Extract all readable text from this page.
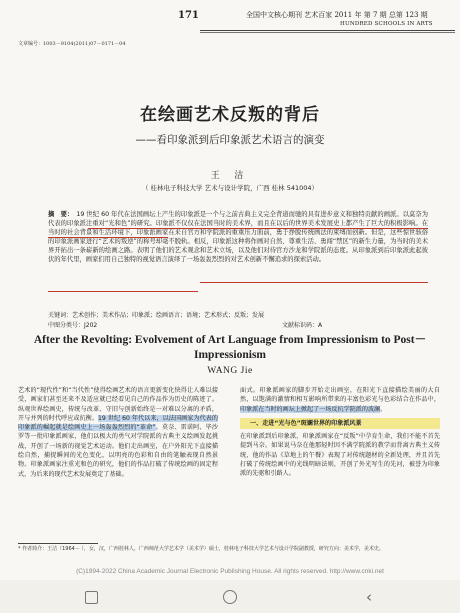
171	全国中文核心期刊 艺术百家 2011 年 第 7 期 总第 123 期
HUNDRED SCHOOLS IN ARTS
文章编号：1003－9104(2011)07－0171－04
在绘画艺术反叛的背后
——看印象派到后印象派艺术语言的演变
王 洁
（ 桂林电子科技大学 艺术与设计学院，广西 桂林 541004）
摘　要： 19 世纪 60 年代在法国画坛上产生的印象派是一个与之前古典主义完全背道而驰的具有进步意义和独特贡献的画派。以莫奈为代表的印象派注重对“光和色”的研究。印象派不仅仅在法国当时的美术界，而且在以后的世界美术发展史上都产生了巨大的积极影响。在当时的社会背景和生活环境下，印象派画家在来自官方和学院派的重重压力面前，勇于挣脱传统画法的束缚而创新。但是，这些惊世骇俗的印象派画家进行“艺术的叛逆”的称号却毫不脱轨。相反，印象派这种将作画对自然、尊重生活、勇闯“禁区”的新生力量，为当时的美术界开拓出一条崭新的绘画之路。表明了他们的艺术观念和艺术立场，以及他们对待官方沙龙和学院派的态度。从印象派到后印象派此起彼伏的年代里，画家们用自己独特的视觉语言演绎了一场轰轰烈烈的对艺术创新不懈追求的探索活动。
关键词：艺术创作；美术作品；印象派；绘画语言；语境；艺术形式；反叛；发展
中图分类号：J202	文献标识码：A
After the Revolting: Evolvement of Art Language from Impressionism to Post－Impressionism
WANG Jie
艺术的“现代性”和“当代性”使得绘画艺术的语言更新变化快得让人难以接受，画家们甚至还来不及适应就已经看见自己的作品作为历史的陈迹了。纵观世界绘画史，传统与改革、守旧与创新始终是一对难以分离的矛盾，开与并列的时代呼应或抗衡。19 世纪 60 年代以来，以法国画家为代表的印象派的崛起就是绘画史上一场轰轰烈烈的“革命”。莫奈、雷诺阿、毕沙罗等一批印象派画家，他们以极大的勇气对学院派的古典主义绘画发起挑战，开创了一场新的视觉艺术运动。他们走出画室，在户外阳光下直接描绘自然，捕捉瞬间的光色变化，以明亮的色彩和自由的笔触表现自然景物。印象派画家注重光和色的研究，他们的作品打破了传统绘画的固定程式，为后来的现代艺术发展奠定了基础。
面式。印象派画家的脚步开始走出画室，在阳光下直接描绘美丽的大自然，以饱满的激情和相互影响所带来的丰富色彩光与色彩结合在作品中，印象派在当时的画坛上掀起了一场反抗学院派的波澜。
一、走进“光与色”斑斓世界的印象派风景
在印象派到后印象派，印象派画家在“反叛”中孕育生命，我们不能不首先提到马奈。如果说马奈在他那轻时因不满学院派的教学而背离古典主义传统，他的作品《草地上的午餐》表现了对传统题材的全新处理，并且首先打破了传统绘画中的光线明暗法则，开创了外光写生的先河，被誉为印象派的先驱和引路人。
* 作者简介：王洁（1964－ ），女，汉，广西桂林人，广西师范大学艺术学（美术学）硕士，桂林电子科技大学艺术与设计学院副教授，研究方向：美术学，美术史。
(C)1994-2022 China Academic Journal Electronic Publishing House. All rights reserved. http://www.cnki.net
‹
